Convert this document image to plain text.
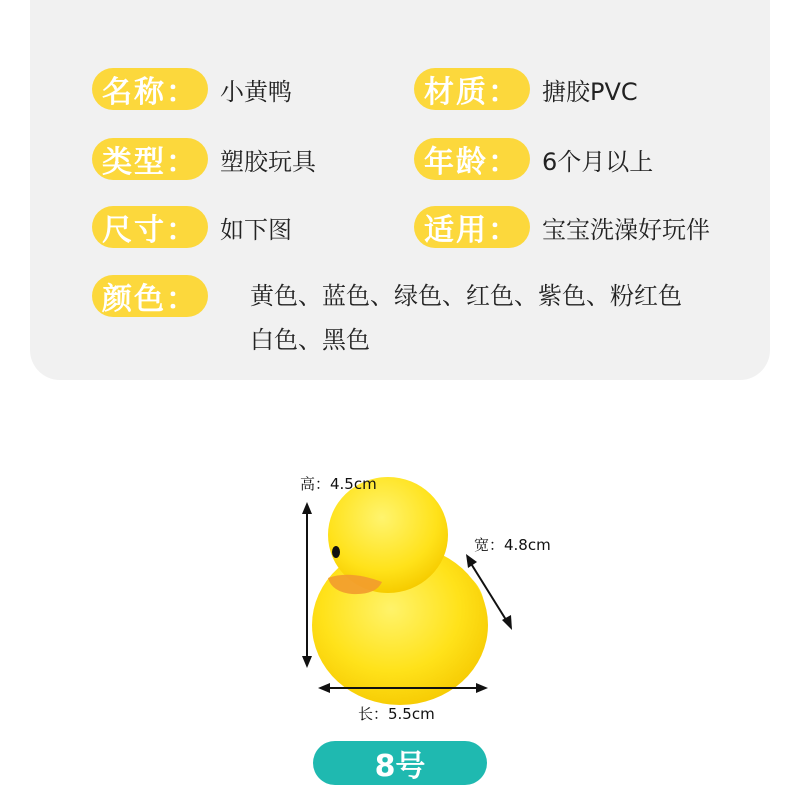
名称： 小黄鸭	材质： 搪胶PVC
类型： 塑胶玩具	年龄： 6个月以上
尺寸： 如下图	适用： 宝宝洗澡好玩伴
颜色：	黄色、蓝色、绿色、红色、紫色、粉红色
白色、黑色
高：4.5cm
宽：4.8cm
长：5.5cm
8号
